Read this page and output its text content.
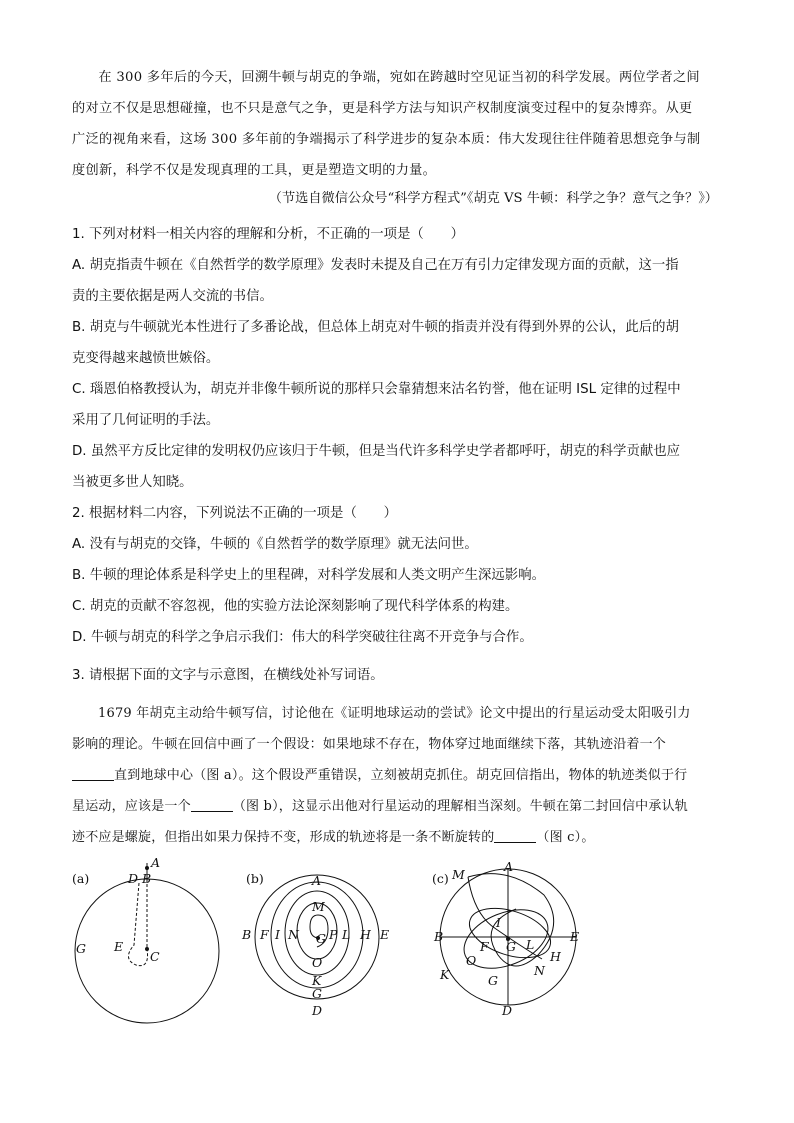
在 300 多年后的今天，回溯牛顿与胡克的争端，宛如在跨越时空见证当初的科学发展。两位学者之间
的对立不仅是思想碰撞，也不只是意气之争，更是科学方法与知识产权制度演变过程中的复杂博弈。从更
广泛的视角来看，这场 300 多年前的争端揭示了科学进步的复杂本质：伟大发现往往伴随着思想竞争与制
度创新，科学不仅是发现真理的工具，更是塑造文明的力量。
（节选自微信公众号“科学方程式”《胡克 VS 牛顿：科学之争？意气之争？》）
1. 下列对材料一相关内容的理解和分析，不正确的一项是（　　）
A. 胡克指责牛顿在《自然哲学的数学原理》发表时未提及自己在万有引力定律发现方面的贡献，这一指
责的主要依据是两人交流的书信。
B. 胡克与牛顿就光本性进行了多番论战，但总体上胡克对牛顿的指责并没有得到外界的公认，此后的胡
克变得越来越愤世嫉俗。
C. 瑙恩伯格教授认为，胡克并非像牛顿所说的那样只会靠猜想来沽名钓誉，他在证明 ISL 定律的过程中
采用了几何证明的手法。
D. 虽然平方反比定律的发明权仍应该归于牛顿，但是当代许多科学史学者都呼吁，胡克的科学贡献也应
当被更多世人知晓。
2. 根据材料二内容，下列说法不正确的一项是（　　）
A. 没有与胡克的交锋，牛顿的《自然哲学的数学原理》就无法问世。
B. 牛顿的理论体系是科学史上的里程碑，对科学发展和人类文明产生深远影响。
C. 胡克的贡献不容忽视，他的实验方法论深刻影响了现代科学体系的构建。
D. 牛顿与胡克的科学之争启示我们：伟大的科学突破往往离不开竞争与合作。
3. 请根据下面的文字与示意图，在横线处补写词语。
1679 年胡克主动给牛顿写信，讨论他在《证明地球运动的尝试》论文中提出的行星运动受太阳吸引力
影响的理论。牛顿在回信中画了一个假设：如果地球不存在，物体穿过地面继续下落，其轨迹沿着一个
直到地球中心（图 a）。这个假设严重错误，立刻被胡克抓住。胡克回信指出，物体的轨迹类似于行
星运动，应该是一个	（图 b），这显示出他对行星运动的理解相当深刻。牛顿在第二封回信中承认轨
迹不应是螺旋，但指出如果力保持不变，形成的轨迹将是一条不断旋转的	（图 c）。
(a)
A
D B
G E
C
(b)	A
M
B F I N G P L H E
O
K
G
D
(c) M
A
I
B
F G L
E
O	H
K	N
G
D
